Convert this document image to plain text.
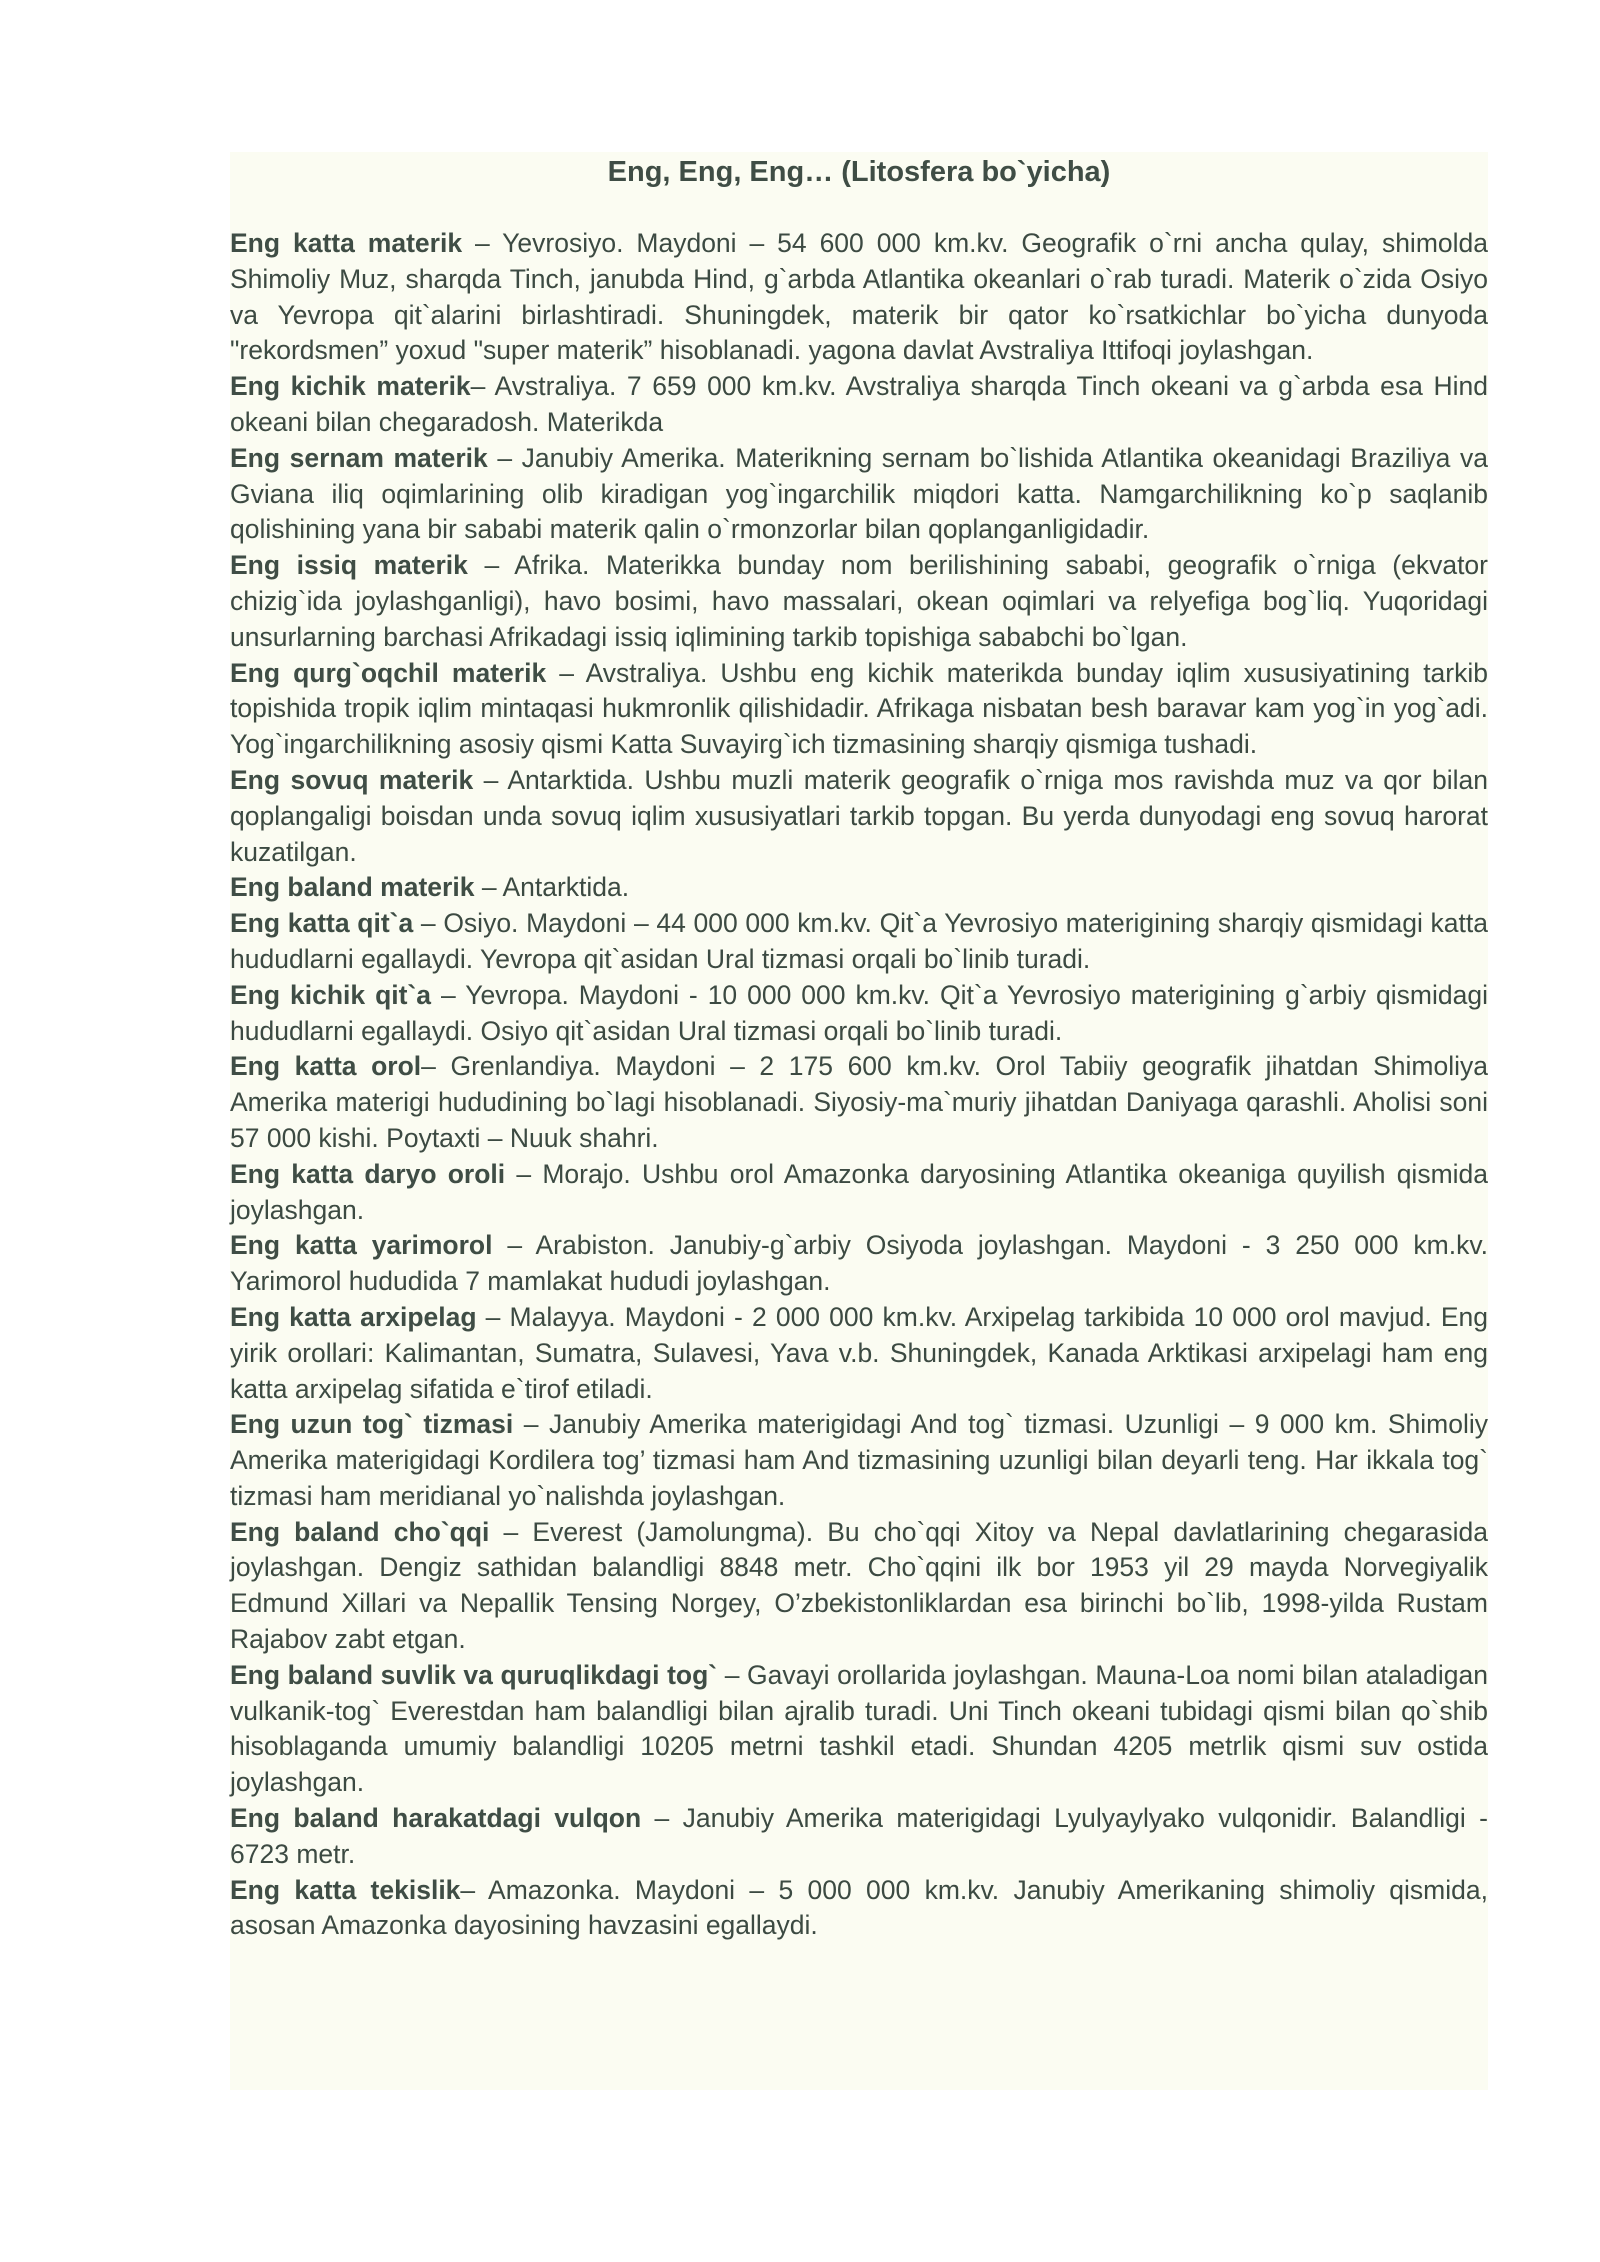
Eng, Eng, Eng… (Litosfera bo`yicha)

Eng katta materik – Yevrosiyo. Maydoni – 54 600 000 km.kv. Geografik o`rni ancha qulay, shimolda Shimoliy Muz, sharqda Tinch, janubda Hind, g`arbda Atlantika okeanlari o`rab turadi. Materik o`zida Osiyo va Yevropa qit`alarini birlashtiradi. Shuningdek, materik bir qator ko`rsatkichlar bo`yicha dunyoda "rekordsmen” yoxud "super materik” hisoblanadi. yagona davlat Avstraliya Ittifoqi joylashgan.

Eng kichik materik– Avstraliya. 7 659 000 km.kv. Avstraliya sharqda Tinch okeani va g`arbda esa Hind okeani bilan chegaradosh. Materikda

Eng sernam materik – Janubiy Amerika. Materikning sernam bo`lishida Atlantika okeanidagi Braziliya va Gviana iliq oqimlarining olib kiradigan yog`ingarchilik miqdori katta. Namgarchilikning ko`p saqlanib qolishining yana bir sababi materik qalin o`rmonzorlar bilan qoplanganligidadir.

Eng issiq materik – Afrika. Materikka bunday nom berilishining sababi, geografik o`rniga (ekvator chizig`ida joylashganligi), havo bosimi, havo massalari, okean oqimlari va relyefiga bog`liq. Yuqoridagi unsurlarning barchasi Afrikadagi issiq iqlimining tarkib topishiga sababchi bo`lgan.

Eng qurg`oqchil materik – Avstraliya. Ushbu eng kichik materikda bunday iqlim xususiyatining tarkib topishida tropik iqlim mintaqasi hukmronlik qilishidadir. Afrikaga nisbatan besh baravar kam yog`in yog`adi. Yog`ingarchilikning asosiy qismi Katta Suvayirg`ich tizmasining sharqiy qismiga tushadi.

Eng sovuq materik – Antarktida. Ushbu muzli materik geografik o`rniga mos ravishda muz va qor bilan qoplangaligi boisdan unda sovuq iqlim xususiyatlari tarkib topgan. Bu yerda dunyodagi eng sovuq harorat kuzatilgan.

Eng baland materik – Antarktida.

Eng katta qit`a – Osiyo. Maydoni – 44 000 000 km.kv. Qit`a Yevrosiyo materigining sharqiy qismidagi katta hududlarni egallaydi. Yevropa qit`asidan Ural tizmasi orqali bo`linib turadi.

Eng kichik qit`a – Yevropa. Maydoni - 10 000 000 km.kv. Qit`a Yevrosiyo materigining g`arbiy qismidagi hududlarni egallaydi. Osiyo qit`asidan Ural tizmasi orqali bo`linib turadi.

Eng katta orol– Grenlandiya. Maydoni – 2 175 600 km.kv. Orol Tabiiy geografik jihatdan Shimoliya Amerika materigi hududining bo`lagi hisoblanadi. Siyosiy-ma`muriy jihatdan Daniyaga qarashli. Aholisi soni 57 000 kishi. Poytaxti – Nuuk shahri.

Eng katta daryo oroli – Morajo. Ushbu orol Amazonka daryosining Atlantika okeaniga quyilish qismida joylashgan.

Eng katta yarimorol – Arabiston. Janubiy-g`arbiy Osiyoda joylashgan. Maydoni - 3 250 000 km.kv. Yarimorol hududida 7 mamlakat hududi joylashgan.

Eng katta arxipelag – Malayya. Maydoni - 2 000 000 km.kv. Arxipelag tarkibida 10 000 orol mavjud. Eng yirik orollari: Kalimantan, Sumatra, Sulavesi, Yava v.b. Shuningdek, Kanada Arktikasi arxipelagi ham eng katta arxipelag sifatida e`tirof etiladi.

Eng uzun tog` tizmasi – Janubiy Amerika materigidagi And tog` tizmasi. Uzunligi – 9 000 km. Shimoliy Amerika materigidagi Kordilera tog’ tizmasi ham And tizmasining uzunligi bilan deyarli teng. Har ikkala tog` tizmasi ham meridianal yo`nalishda joylashgan.

Eng baland cho`qqi – Everest (Jamolungma). Bu cho`qqi Xitoy va Nepal davlatlarining chegarasida joylashgan. Dengiz sathidan balandligi 8848 metr. Cho`qqini ilk bor 1953 yil 29 mayda Norvegiyalik Edmund Xillari va Nepallik Tensing Norgey, O’zbekistonliklardan esa birinchi bo`lib, 1998-yilda Rustam Rajabov zabt etgan.

Eng baland suvlik va quruqlikdagi tog` – Gavayi orollarida joylashgan. Mauna-Loa nomi bilan ataladigan vulkanik-tog` Everestdan ham balandligi bilan ajralib turadi. Uni Tinch okeani tubidagi qismi bilan qo`shib hisoblaganda umumiy balandligi 10205 metrni tashkil etadi. Shundan 4205 metrlik qismi suv ostida joylashgan.

Eng baland harakatdagi vulqon – Janubiy Amerika materigidagi Lyulyaylyako vulqonidir. Balandligi - 6723 metr.

Eng katta tekislik– Amazonka. Maydoni – 5 000 000 km.kv. Janubiy Amerikaning shimoliy qismida, asosan Amazonka dayosining havzasini egallaydi.
